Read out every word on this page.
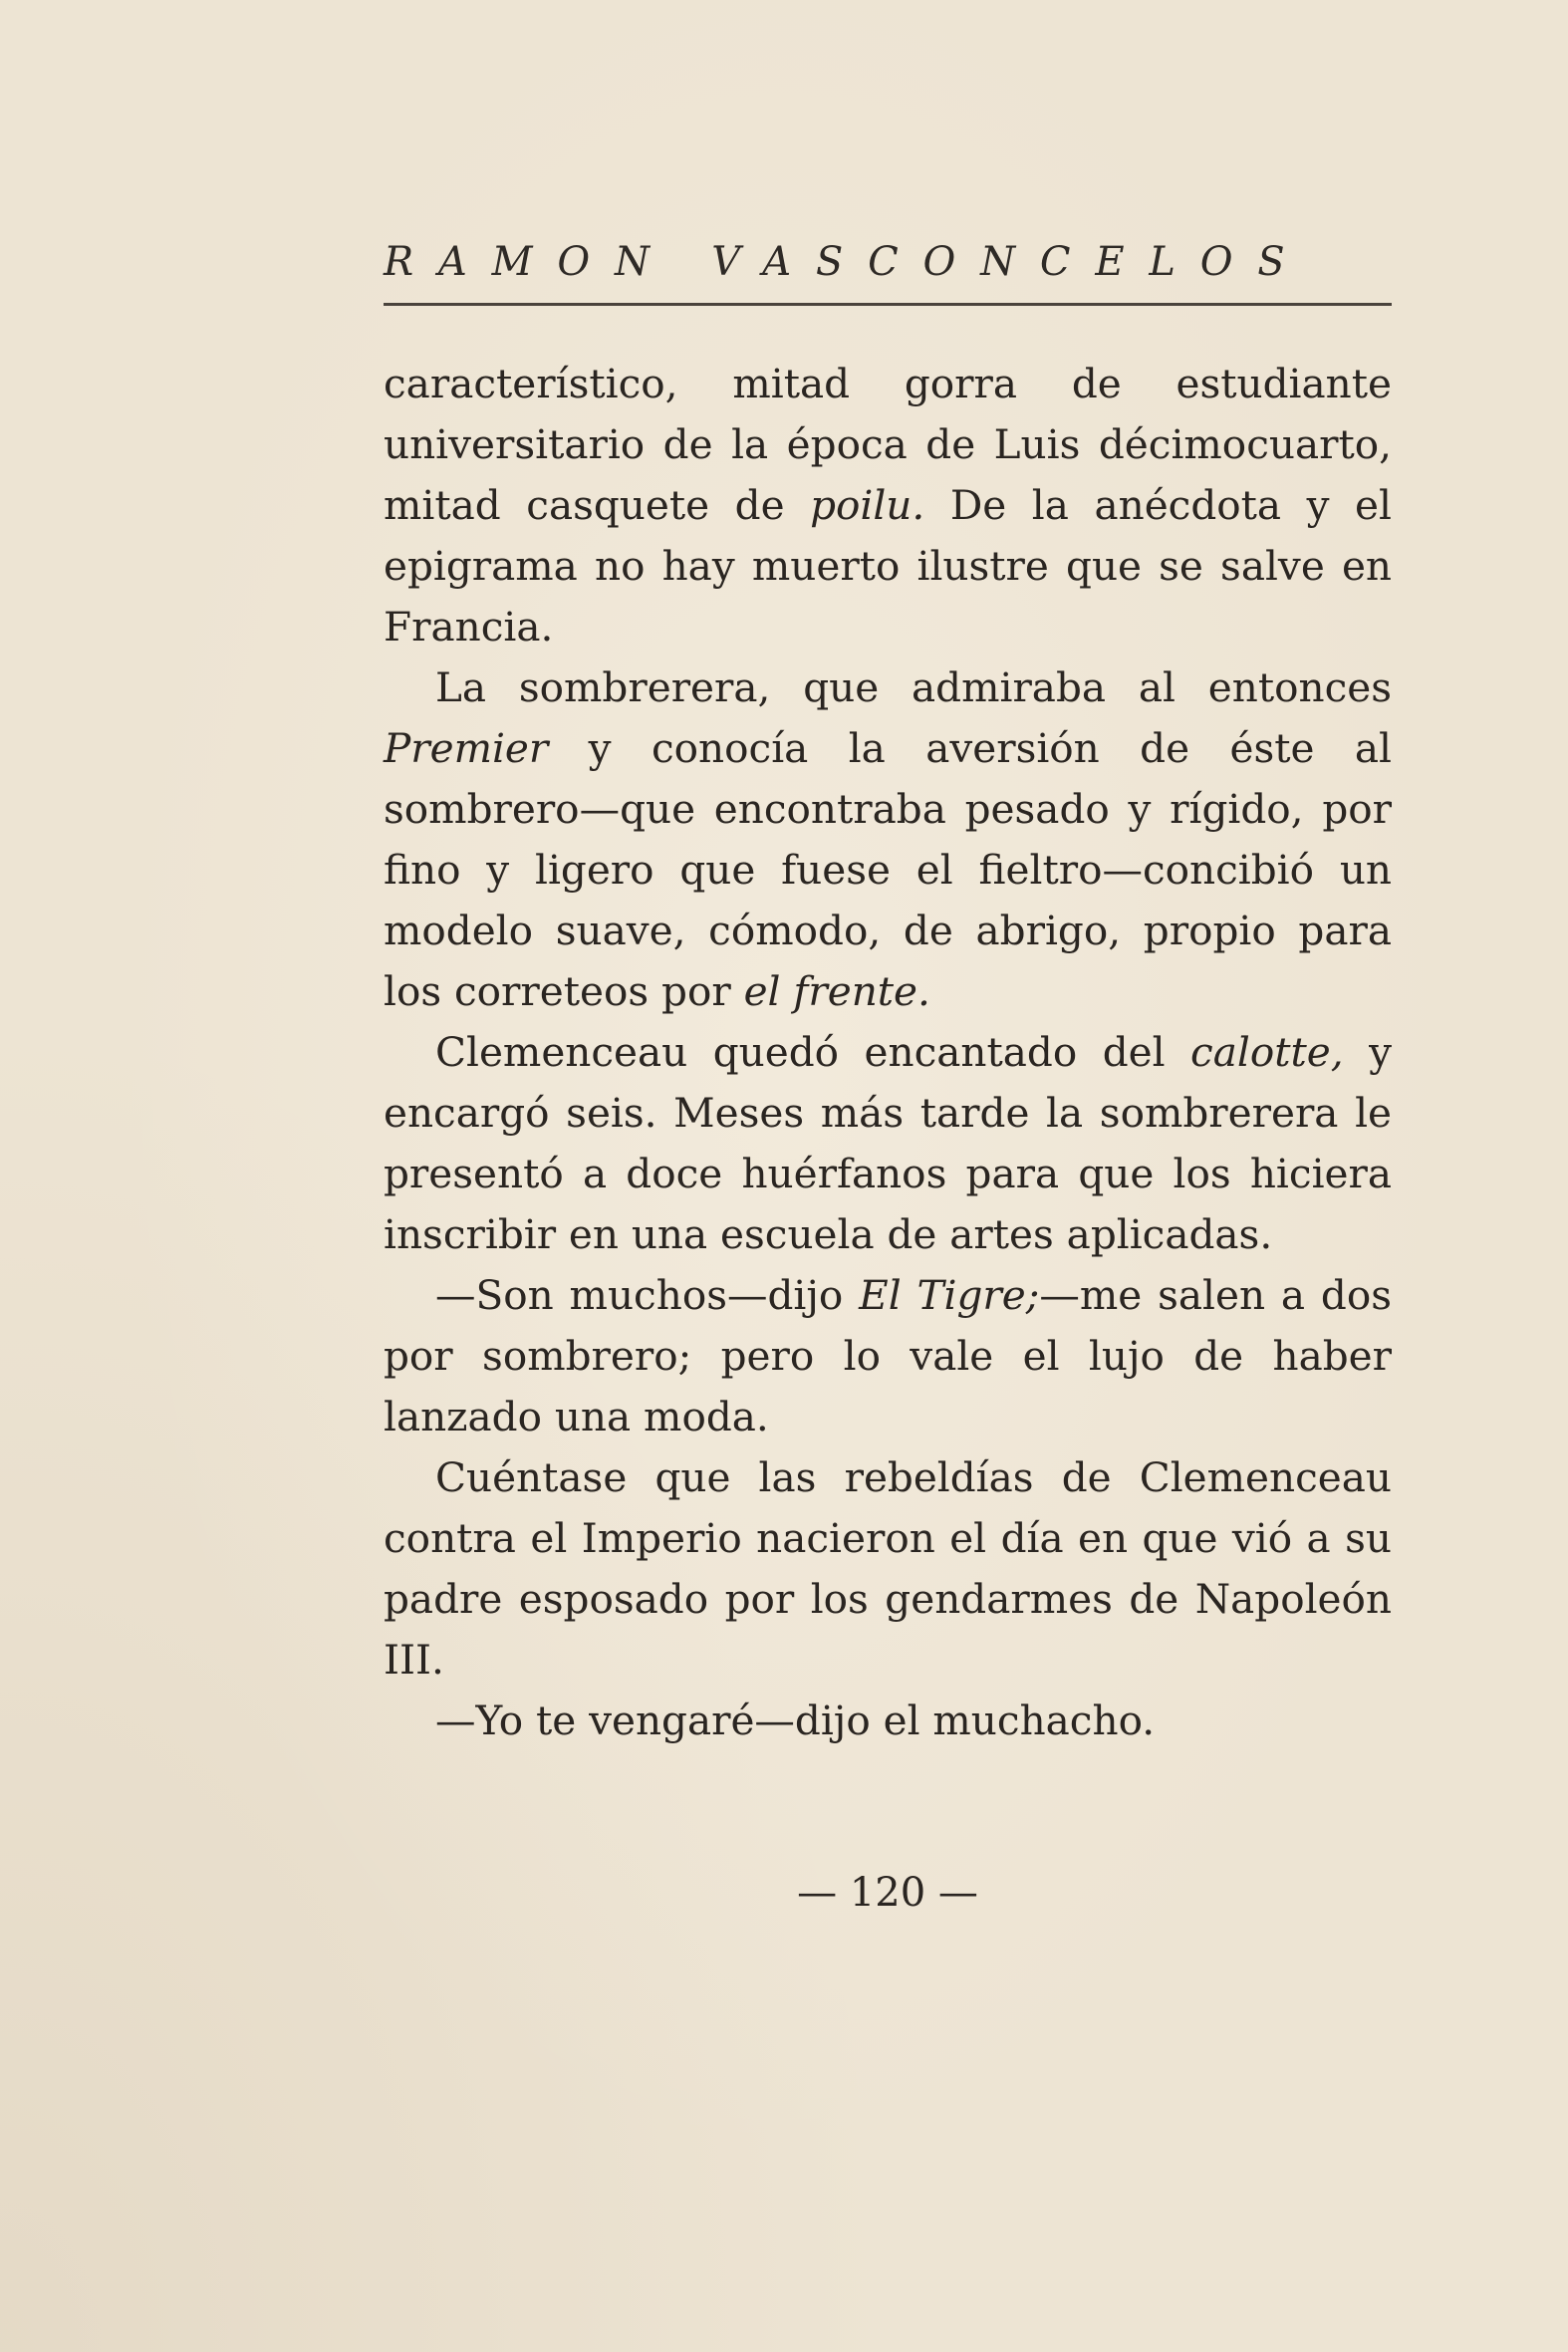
RAMON VASCONCELOS

característico, mitad gorra de estudiante universitario de la época de Luis décimocuarto, mitad casquete de poilu. De la anécdota y el epigrama no hay muerto ilustre que se salve en Francia.

La sombrerera, que admiraba al entonces Premier y conocía la aversión de éste al sombrero—que encontraba pesado y rígido, por fino y ligero que fuese el fieltro—concibió un modelo suave, cómodo, de abrigo, propio para los correteos por el frente.

Clemenceau quedó encantado del calotte, y encargó seis. Meses más tarde la sombrerera le presentó a doce huérfanos para que los hiciera inscribir en una escuela de artes aplicadas.

—Son muchos—dijo El Tigre;—me salen a dos por sombrero; pero lo vale el lujo de haber lanzado una moda.

Cuéntase que las rebeldías de Clemenceau contra el Imperio nacieron el día en que vió a su padre esposado por los gendarmes de Napoleón III.

—Yo te vengaré—dijo el muchacho.

— 120 —
